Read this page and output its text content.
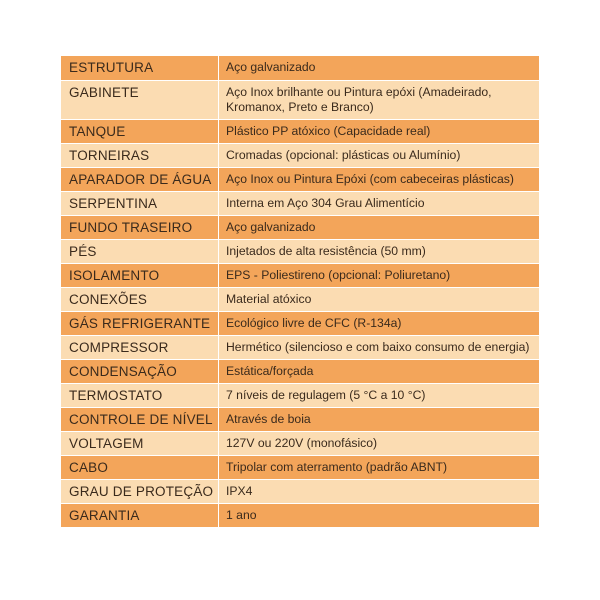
ESTRUTURA	Aço galvanizado
GABINETE	Aço Inox brilhante ou Pintura epóxi (Amadeirado, Kromanox, Preto e Branco)
TANQUE	Plástico PP atóxico (Capacidade real)
TORNEIRAS	Cromadas (opcional: plásticas ou Alumínio)
APARADOR DE ÁGUA	Aço Inox ou Pintura Epóxi (com cabeceiras plásticas)
SERPENTINA	Interna em Aço 304 Grau Alimentício
FUNDO TRASEIRO	Aço galvanizado
PÉS	Injetados de alta resistência (50 mm)
ISOLAMENTO	EPS - Poliestireno (opcional: Poliuretano)
CONEXÕES	Material atóxico
GÁS REFRIGERANTE	Ecológico livre de CFC (R-134a)
COMPRESSOR	Hermético (silencioso e com baixo consumo de energia)
CONDENSAÇÃO	Estática/forçada
TERMOSTATO	7 níveis de regulagem (5 °C a 10 °C)
CONTROLE DE NÍVEL	Através de boia
VOLTAGEM	127V ou 220V (monofásico)
CABO	Tripolar com aterramento (padrão ABNT)
GRAU DE PROTEÇÃO	IPX4
GARANTIA	1 ano
